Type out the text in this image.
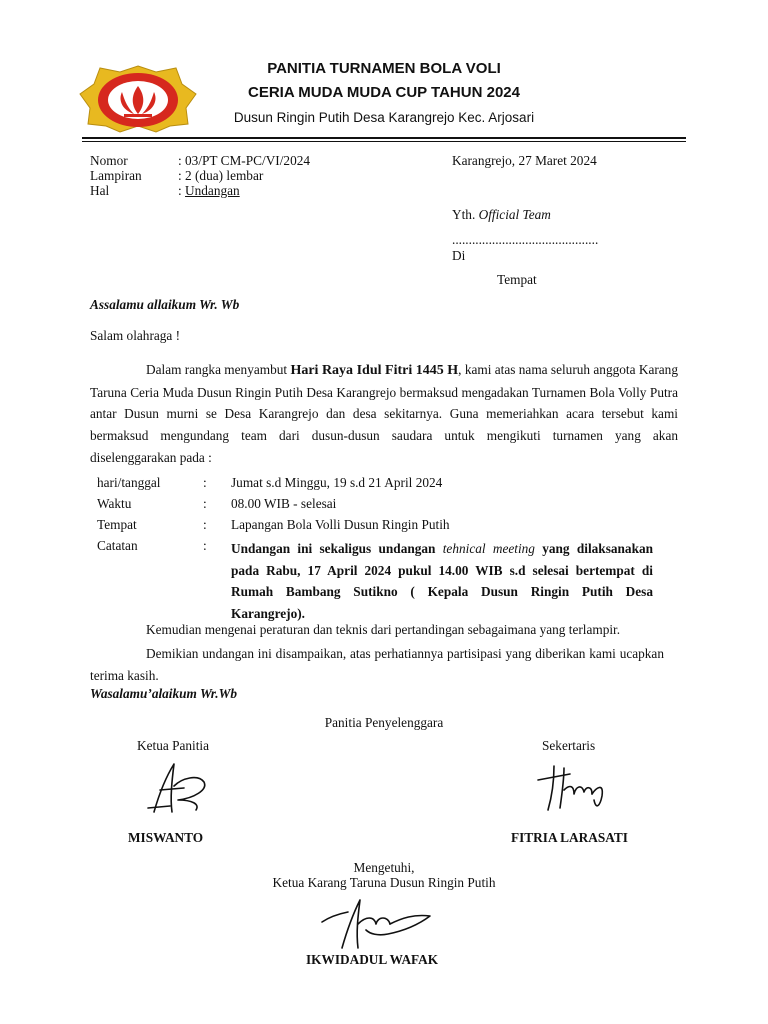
PANITIA TURNAMEN BOLA VOLI
CERIA MUDA MUDA CUP TAHUN 2024
Dusun Ringin Putih Desa Karangrejo Kec. Arjosari
Nomor	: 03/PT CM-PC/VI/2024
Lampiran	: 2 (dua) lembar
Hal	: Undangan
Karangrejo, 27 Maret 2024
Yth. Official Team
............................................
Di
Tempat
Assalamu allaikum Wr. Wb
Salam olahraga !
Dalam rangka menyambut Hari Raya Idul Fitri 1445 H, kami atas nama seluruh anggota Karang Taruna Ceria Muda Dusun Ringin Putih Desa Karangrejo bermaksud mengadakan Turnamen Bola Volly Putra antar Dusun murni se Desa Karangrejo dan desa sekitarnya. Guna memeriahkan acara tersebut kami bermaksud mengundang team dari dusun-dusun saudara untuk mengikuti turnamen yang akan diselenggarakan pada :
hari/tanggal	: Jumat s.d Minggu, 19 s.d 21 April 2024
Waktu	: 08.00 WIB - selesai
Tempat	: Lapangan Bola Volli Dusun Ringin Putih
Catatan	: Undangan ini sekaligus undangan tehnical meeting yang dilaksanakan pada Rabu, 17 April 2024 pukul 14.00 WIB s.d selesai bertempat di Rumah Bambang Sutikno ( Kepala Dusun Ringin Putih Desa Karangrejo).
Kemudian mengenai peraturan dan teknis dari pertandingan sebagaimana yang terlampir.
Demikian undangan ini disampaikan, atas perhatiannya partisipasi yang diberikan kami ucapkan terima kasih.
Wasalamu’alaikum Wr.Wb
Panitia Penyelenggara
Ketua Panitia	Sekertaris
MISWANTO	FITRIA LARASATI
Mengetuhi,
Ketua Karang Taruna Dusun Ringin Putih
IKWIDADUL WAFAK
